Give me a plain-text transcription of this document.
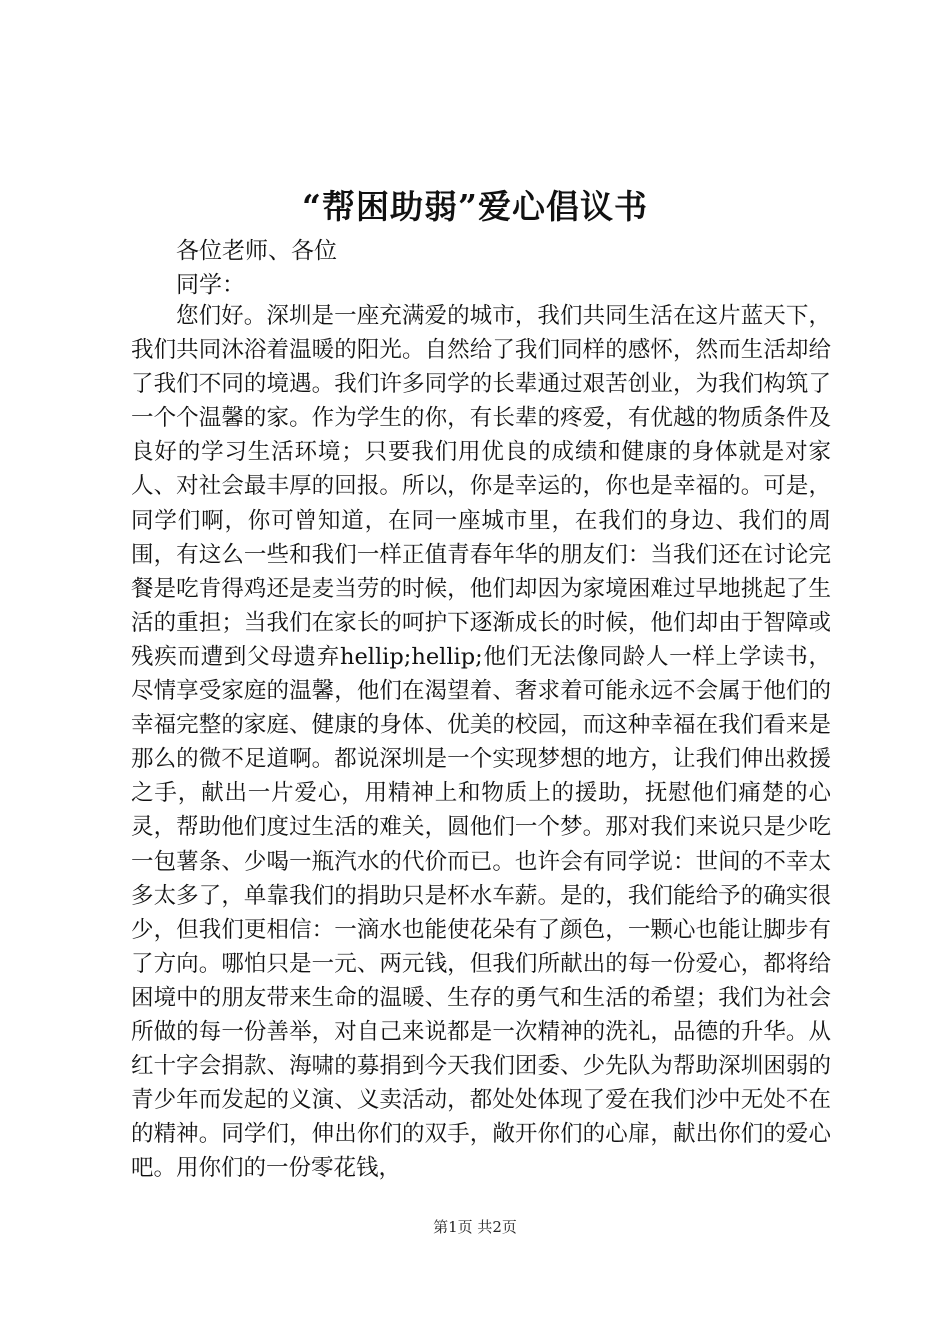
“帮困助弱”爱心倡议书
各位老师、各位
同学：

您们好。深圳是一座充满爱的城市，我们共同生活在这片蓝天下，我们共同沐浴着温暖的阳光。自然给了我们同样的感怀，然而生活却给了我们不同的境遇。我们许多同学的长辈通过艰苦创业，为我们构筑了一个个温馨的家。作为学生的你，有长辈的疼爱，有优越的物质条件及良好的学习生活环境；只要我们用优良的成绩和健康的身体就是对家人、对社会最丰厚的回报。所以，你是幸运的，你也是幸福的。可是，同学们啊，你可曾知道，在同一座城市里，在我们的身边、我们的周围，有这么一些和我们一样正值青春年华的朋友们：当我们还在讨论完餐是吃肯得鸡还是麦当劳的时候，他们却因为家境困难过早地挑起了生活的重担；当我们在家长的呵护下逐渐成长的时候，他们却由于智障或残疾而遭到父母遗弃hellip;hellip;他们无法像同龄人一样上学读书，尽情享受家庭的温馨，他们在渴望着、奢求着可能永远不会属于他们的幸福完整的家庭、健康的身体、优美的校园，而这种幸福在我们看来是那么的微不足道啊。都说深圳是一个实现梦想的地方，让我们伸出救援之手，献出一片爱心，用精神上和物质上的援助，抚慰他们痛楚的心灵，帮助他们度过生活的难关，圆他们一个梦。那对我们来说只是少吃一包薯条、少喝一瓶汽水的代价而已。也许会有同学说：世间的不幸太多太多了，单靠我们的捐助只是杯水车薪。是的，我们能给予的确实很少，但我们更相信：一滴水也能使花朵有了颜色，一颗心也能让脚步有了方向。哪怕只是一元、两元钱，但我们所献出的每一份爱心，都将给困境中的朋友带来生命的温暖、生存的勇气和生活的希望；我们为社会所做的每一份善举，对自己来说都是一次精神的洗礼，品德的升华。从红十字会捐款、海啸的募捐到今天我们团委、少先队为帮助深圳困弱的青少年而发起的义演、义卖活动，都处处体现了爱在我们沙中无处不在的精神。同学们，伸出你们的双手，敞开你们的心扉，献出你们的爱心吧。用你们的一份零花钱，

第1页 共2页
